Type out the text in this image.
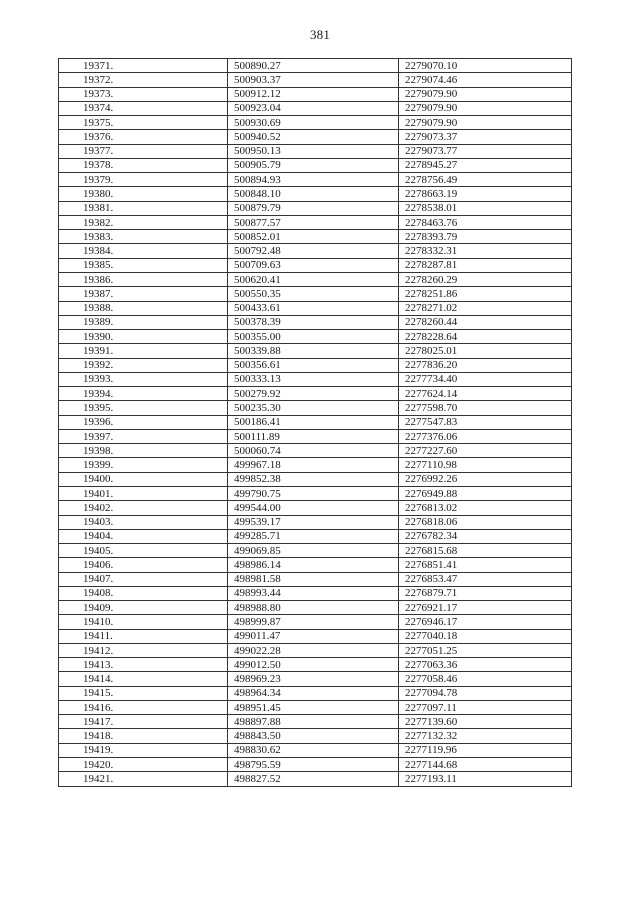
381
19371.	500890.27	2279070.10
19372.	500903.37	2279074.46
19373.	500912.12	2279079.90
19374.	500923.04	2279079.90
19375.	500930.69	2279079.90
19376.	500940.52	2279073.37
19377.	500950.13	2279073.77
19378.	500905.79	2278945.27
19379.	500894.93	2278756.49
19380.	500848.10	2278663.19
19381.	500879.79	2278538.01
19382.	500877.57	2278463.76
19383.	500852.01	2278393.79
19384.	500792.48	2278332.31
19385.	500709.63	2278287.81
19386.	500620.41	2278260.29
19387.	500550.35	2278251.86
19388.	500433.61	2278271.02
19389.	500378.39	2278260.44
19390.	500355.00	2278228.64
19391.	500339.88	2278025.01
19392.	500356.61	2277836.20
19393.	500333.13	2277734.40
19394.	500279.92	2277624.14
19395.	500235.30	2277598.70
19396.	500186.41	2277547.83
19397.	500111.89	2277376.06
19398.	500060.74	2277227.60
19399.	499967.18	2277110.98
19400.	499852.38	2276992.26
19401.	499790.75	2276949.88
19402.	499544.00	2276813.02
19403.	499539.17	2276818.06
19404.	499285.71	2276782.34
19405.	499069.85	2276815.68
19406.	498986.14	2276851.41
19407.	498981.58	2276853.47
19408.	498993.44	2276879.71
19409.	498988.80	2276921.17
19410.	498999.87	2276946.17
19411.	499011.47	2277040.18
19412.	499022.28	2277051.25
19413.	499012.50	2277063.36
19414.	498969.23	2277058.46
19415.	498964.34	2277094.78
19416.	498951.45	2277097.11
19417.	498897.88	2277139.60
19418.	498843.50	2277132.32
19419.	498830.62	2277119.96
19420.	498795.59	2277144.68
19421.	498827.52	2277193.11
